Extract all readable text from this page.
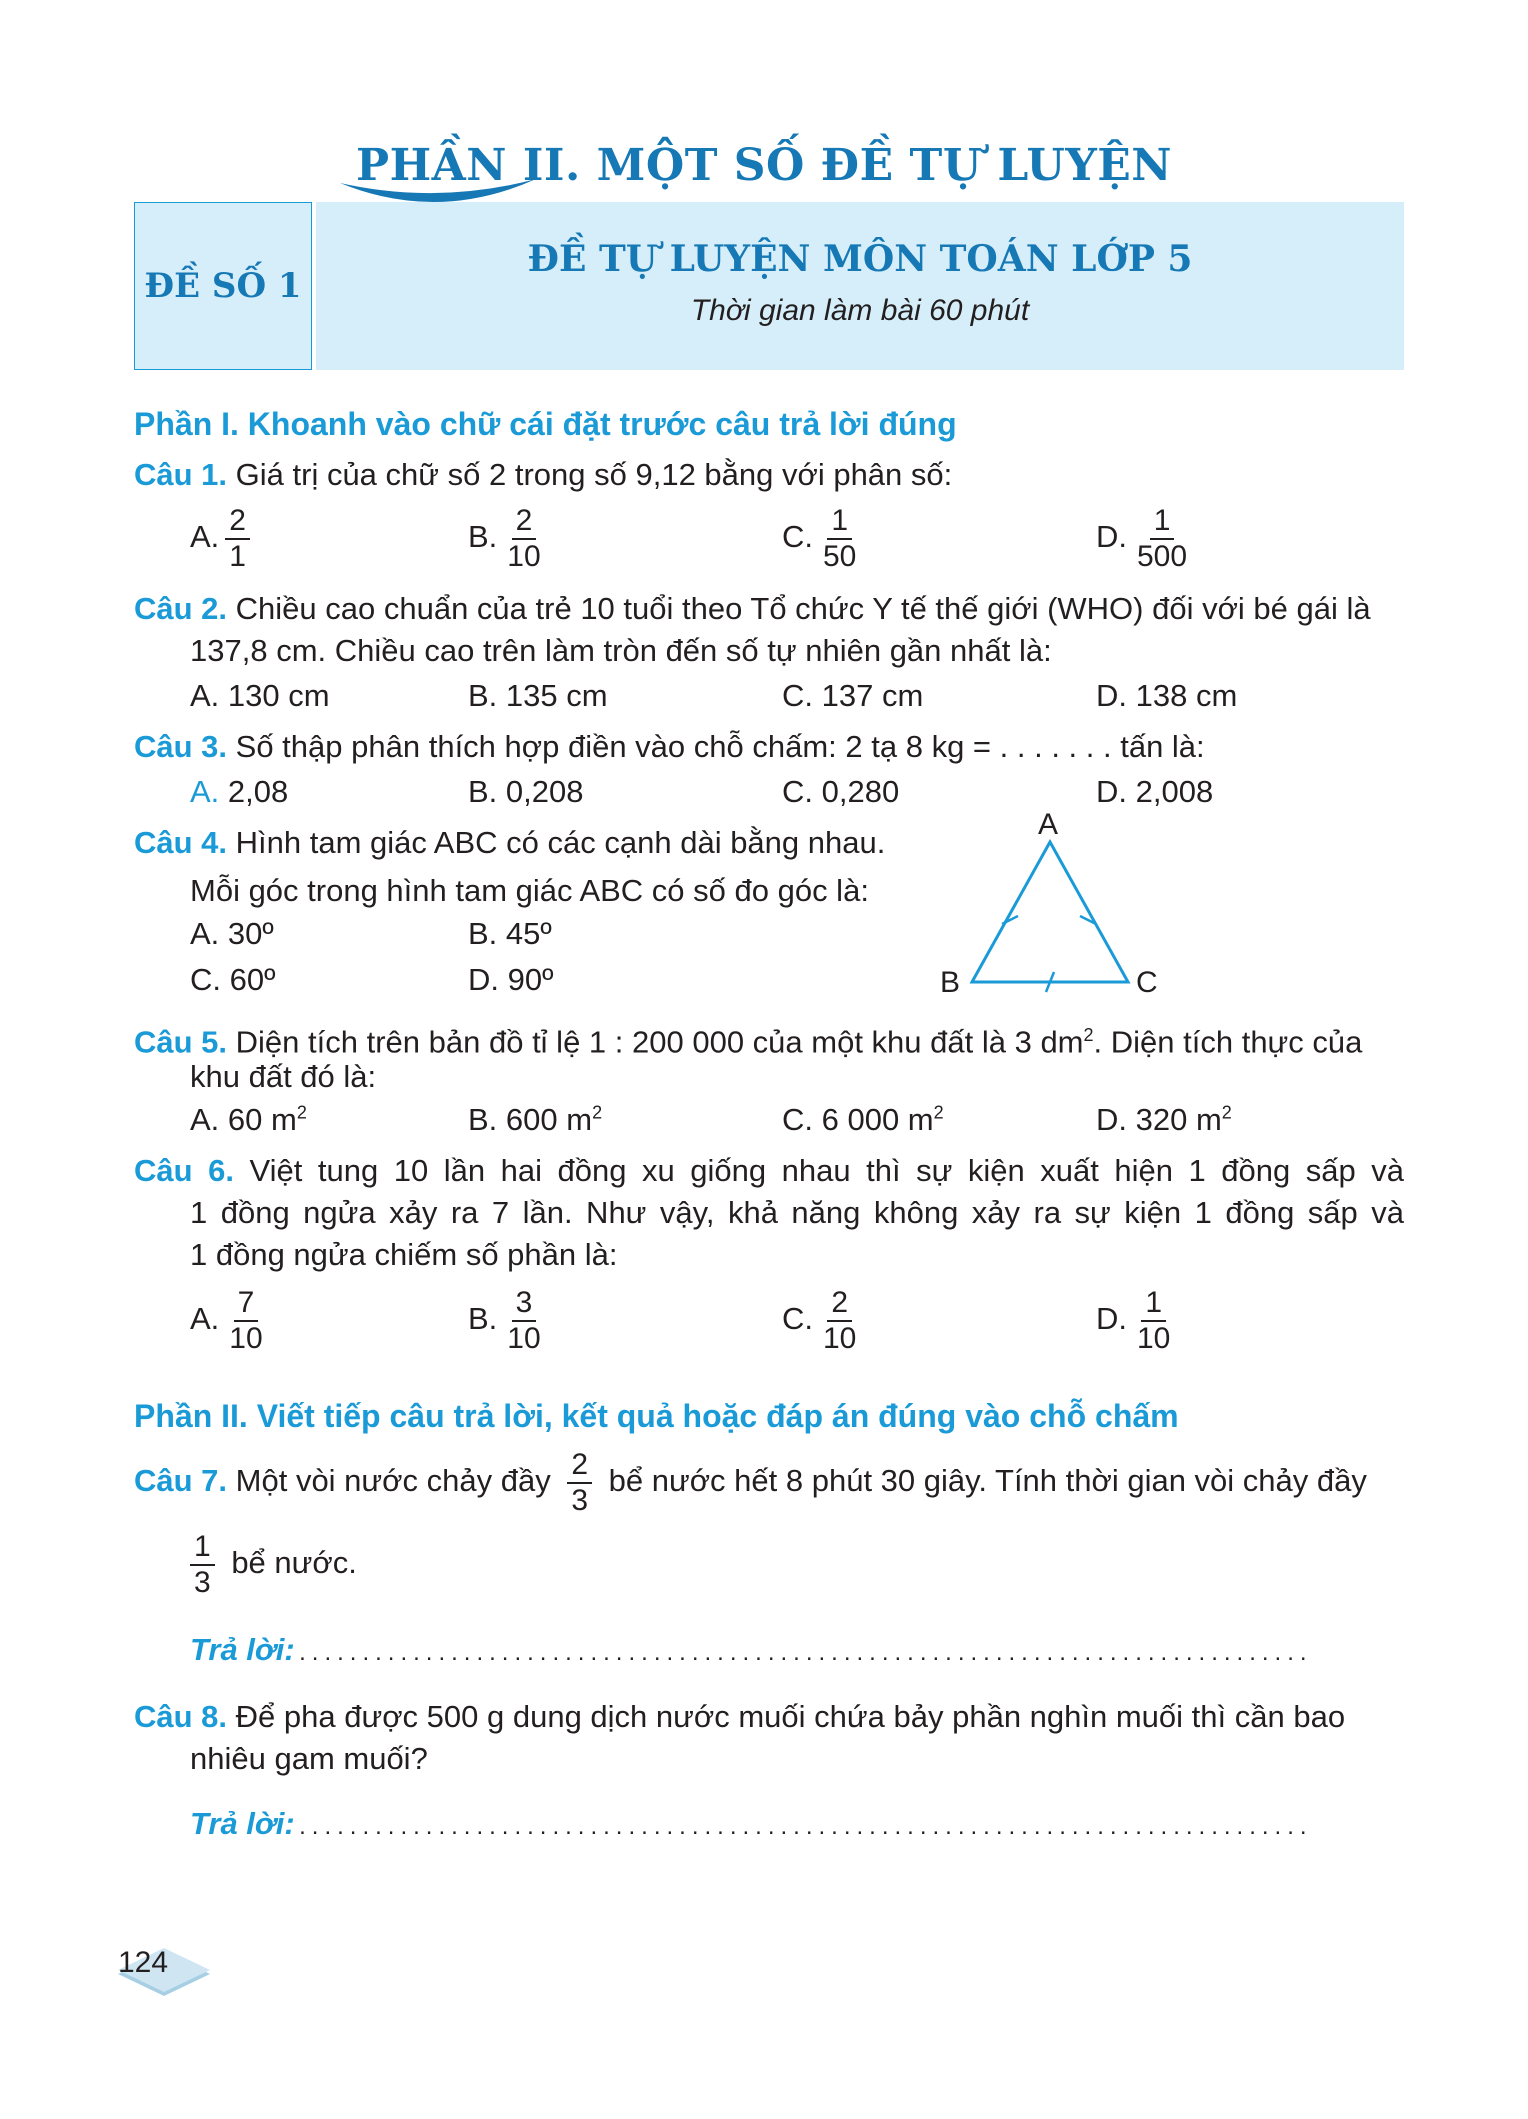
PHẦN II. MỘT SỐ ĐỀ TỰ LUYỆN
ĐỀ SỐ 1
ĐỀ TỰ LUYỆN MÔN TOÁN LỚP 5
Thời gian làm bài 60 phút
Phần I. Khoanh vào chữ cái đặt trước câu trả lời đúng
Câu 1. Giá trị của chữ số 2 trong số 9,12 bằng với phân số:
A. $\frac{2}{1}$	B. $\frac{2}{10}$	C. $\frac{1}{50}$	D. $\frac{1}{500}$
Câu 2. Chiều cao chuẩn của trẻ 10 tuổi theo Tổ chức Y tế thế giới (WHO) đối với bé gái là
137,8 cm. Chiều cao trên làm tròn đến số tự nhiên gần nhất là:
A. 130 cm	B. 135 cm	C. 137 cm	D. 138 cm
Câu 3. Số thập phân thích hợp điền vào chỗ chấm: 2 tạ 8 kg = . . . . . . . tấn là:
A. 2,08	B. 0,208	C. 0,280	D. 2,008
Câu 4. Hình tam giác ABC có các cạnh dài bằng nhau.
Mỗi góc trong hình tam giác ABC có số đo góc là:
A. 30º	B. 45º
C. 60º	D. 90º
A
B	C
Câu 5. Diện tích trên bản đồ tỉ lệ 1 : 200 000 của một khu đất là 3 $dm^2$. Diện tích thực của
khu đất đó là:
A. 60 $m^2$	B. 600 $m^2$	C. 6 000 $m^2$	D. 320 $m^2$
Câu 6. Việt tung 10 lần hai đồng xu giống nhau thì sự kiện xuất hiện 1 đồng sấp và
1 đồng ngửa xảy ra 7 lần. Như vậy, khả năng không xảy ra sự kiện 1 đồng sấp và
1 đồng ngửa chiếm số phần là:
A. $\frac{7}{10}$	B. $\frac{3}{10}$	C. $\frac{2}{10}$	D. $\frac{1}{10}$
Phần II. Viết tiếp câu trả lời, kết quả hoặc đáp án đúng vào chỗ chấm
Câu 7. Một vòi nước chảy đầy $\frac{2}{3}$ bể nước hết 8 phút 30 giây. Tính thời gian vòi chảy đầy
$\frac{1}{3}$ bể nước.
Trả lời: ................................................................................
Câu 8. Để pha được 500 g dung dịch nước muối chứa bảy phần nghìn muối thì cần bao
nhiêu gam muối?
Trả lời: ................................................................................
124
